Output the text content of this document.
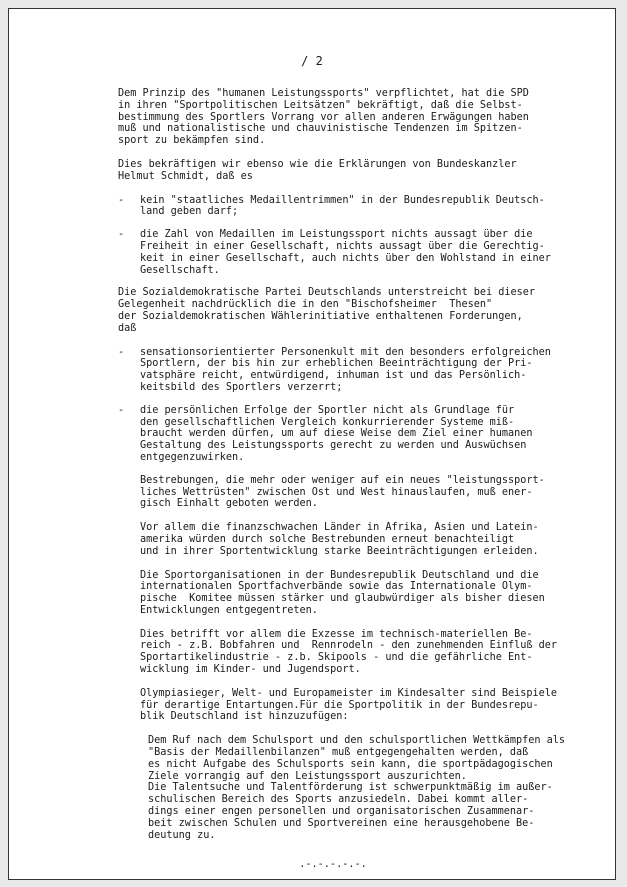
/ 2
Dem Prinzip des "humanen Leistungssports" verpflichtet, hat die SPD
in ihren "Sportpolitischen Leitsätzen" bekräftigt, daß die Selbst-
bestimmung des Sportlers Vorrang vor allen anderen Erwägungen haben
muß und nationalistische und chauvinistische Tendenzen im Spitzen-
sport zu bekämpfen sind.
Dies bekräftigen wir ebenso wie die Erklärungen von Bundeskanzler
Helmut Schmidt, daß es
-	kein "staatliches Medaillentrimmen" in der Bundesrepublik Deutsch-
land geben darf;
-	die Zahl von Medaillen im Leistungssport nichts aussagt über die
Freiheit in einer Gesellschaft, nichts aussagt über die Gerechtig-
keit in einer Gesellschaft, auch nichts über den Wohlstand in einer
Gesellschaft.
Die Sozialdemokratische Partei Deutschlands unterstreicht bei dieser
Gelegenheit nachdrücklich die in den "Bischofsheimer  Thesen"
der Sozialdemokratischen Wählerinitiative enthaltenen Forderungen,
daß
-	sensationsorientierter Personenkult mit den besonders erfolgreichen
Sportlern, der bis hin zur erheblichen Beeinträchtigung der Pri-
vatsphäre reicht, entwürdigend, inhuman ist und das Persönlich-
keitsbild des Sportlers verzerrt;
-	die persönlichen Erfolge der Sportler nicht als Grundlage für
den gesellschaftlichen Vergleich konkurrierender Systeme miß-
braucht werden dürfen, um auf diese Weise dem Ziel einer humanen
Gestaltung des Leistungssports gerecht zu werden und Auswüchsen
entgegenzuwirken.
Bestrebungen, die mehr oder weniger auf ein neues "leistungssport-
liches Wettrüsten" zwischen Ost und West hinauslaufen, muß ener-
gisch Einhalt geboten werden.
Vor allem die finanzschwachen Länder in Afrika, Asien und Latein-
amerika würden durch solche Bestrebunden erneut benachteiligt
und in ihrer Sportentwicklung starke Beeinträchtigungen erleiden.
Die Sportorganisationen in der Bundesrepublik Deutschland und die
internationalen Sportfachverbände sowie das Internationale Olym-
pische  Komitee müssen stärker und glaubwürdiger als bisher diesen
Entwicklungen entgegentreten.
Dies betrifft vor allem die Exzesse im technisch-materiellen Be-
reich - z.B. Bobfahren und  Rennrodeln - den zunehmenden Einfluß der
Sportartikelindustrie - z.b. Skipools - und die gefährliche Ent-
wicklung im Kinder- und Jugendsport.
Olympiasieger, Welt- und Europameister im Kindesalter sind Beispiele
für derartige Entartungen.Für die Sportpolitik in der Bundesrepu-
blik Deutschland ist hinzuzufügen:
Dem Ruf nach dem Schulsport und den schulsportlichen Wettkämpfen als
"Basis der Medaillenbilanzen" muß entgegengehalten werden, daß
es nicht Aufgabe des Schulsports sein kann, die sportpädagogischen
Ziele vorrangig auf den Leistungssport auszurichten.
Die Talentsuche und Talentförderung ist schwerpunktmäßig im außer-
schulischen Bereich des Sports anzusiedeln. Dabei kommt aller-
dings einer engen personellen und organisatorischen Zusammenar-
beit zwischen Schulen und Sportvereinen eine herausgehobene Be-
deutung zu.
.-.-.-.-.-.
